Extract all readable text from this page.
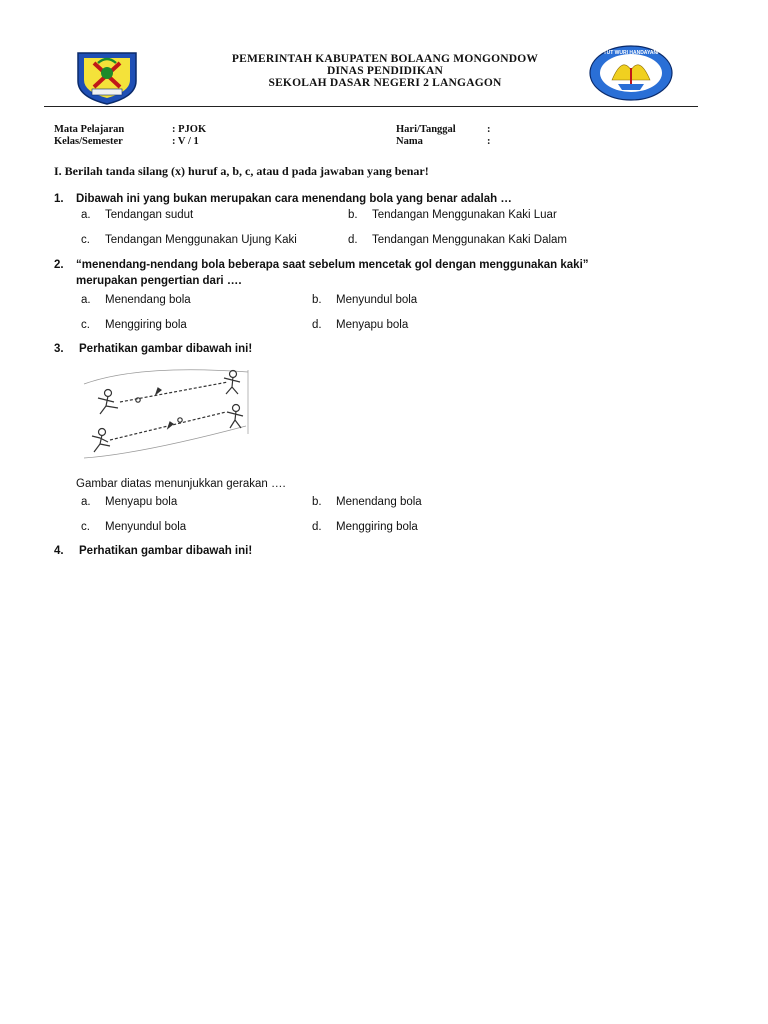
PEMERINTAH KABUPATEN BOLAANG MONGONDOW
DINAS PENDIDIKAN
SEKOLAH DASAR NEGERI 2 LANGAGON
TUT WURI HANDAYANI
Mata Pelajaran	: PJOK
Kelas/Semester	: V / 1
Hari/Tanggal	:
Nama	:
I. Berilah tanda silang (x) huruf a, b, c, atau d pada jawaban yang benar!
1. Dibawah ini yang bukan merupakan cara menendang bola yang benar adalah …
a. Tendangan sudut	b. Tendangan Menggunakan Kaki Luar
c. Tendangan Menggunakan Ujung Kaki	d. Tendangan Menggunakan Kaki Dalam
2. “menendang-nendang bola beberapa saat sebelum mencetak gol dengan menggunakan kaki”
merupakan pengertian dari ….
a. Menendang bola	b. Menyundul bola
c. Menggiring bola	d. Menyapu bola
3. Perhatikan gambar dibawah ini!
Gambar diatas menunjukkan gerakan ….
a. Menyapu bola	b. Menendang bola
c. Menyundul bola	d. Menggiring bola
4. Perhatikan gambar dibawah ini!
